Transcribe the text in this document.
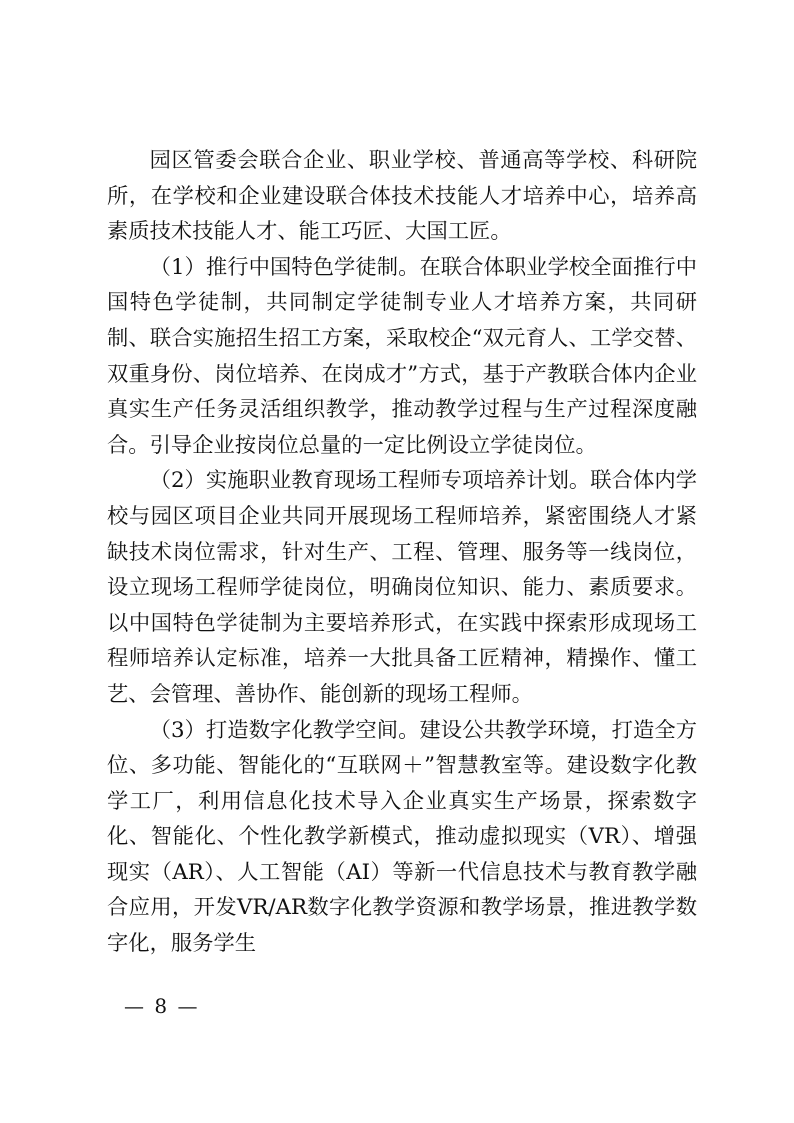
园区管委会联合企业、职业学校、普通高等学校、科研院所，在学校和企业建设联合体技术技能人才培养中心，培养高素质技术技能人才、能工巧匠、大国工匠。

（1）推行中国特色学徒制。在联合体职业学校全面推行中国特色学徒制，共同制定学徒制专业人才培养方案，共同研制、联合实施招生招工方案，采取校企“双元育人、工学交替、双重身份、岗位培养、在岗成才”方式，基于产教联合体内企业真实生产任务灵活组织教学，推动教学过程与生产过程深度融合。引导企业按岗位总量的一定比例设立学徒岗位。

（2）实施职业教育现场工程师专项培养计划。联合体内学校与园区项目企业共同开展现场工程师培养，紧密围绕人才紧缺技术岗位需求，针对生产、工程、管理、服务等一线岗位，设立现场工程师学徒岗位，明确岗位知识、能力、素质要求。以中国特色学徒制为主要培养形式，在实践中探索形成现场工程师培养认定标准，培养一大批具备工匠精神，精操作、懂工艺、会管理、善协作、能创新的现场工程师。

（3）打造数字化教学空间。建设公共教学环境，打造全方位、多功能、智能化的“互联网＋”智慧教室等。建设数字化教学工厂，利用信息化技术导入企业真实生产场景，探索数字化、智能化、个性化教学新模式，推动虚拟现实（VR）、增强现实（AR）、人工智能（AI）等新一代信息技术与教育教学融合应用，开发VR/AR数字化教学资源和教学场景，推进教学数字化，服务学生

— 8 —
